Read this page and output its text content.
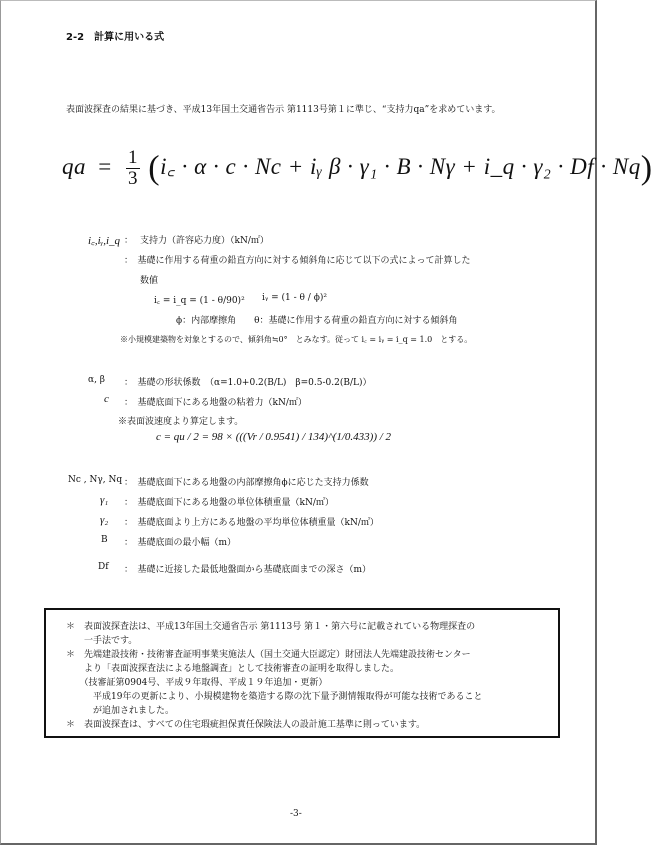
2-2　計算に用いる式
表面波探査の結果に基づき、平成13年国土交通省告示 第1113号第１に準じ、“支持力qa”を求めています。
qa = $\frac{1}{3}$ (i꜀ · α · c · Nc + iᵧ β · γ₁ · B · Nγ + i_q · γ₂ · Df · Nq)
i꜀,iᵧ,i_q ： 支持力（許容応力度）（kN/㎡）
：　基礎に作用する荷重の鉛直方向に対する傾斜角に応じて以下の式によって計算した
数値
i꜀ = i_q = (1 - θ/90)² iᵧ = (1 - θ / ϕ)²
ϕ：内部摩擦角　　θ：基礎に作用する荷重の鉛直方向に対する傾斜角
※小規模建築物を対象とするので、傾斜角≒0°　とみなす。従って i꜀ = iᵧ = i_q = 1.0　とする。
α, β ：　基礎の形状係数　（α=1.0+0.2(B/L)　β=0.5-0.2(B/L)）
c ：　基礎底面下にある地盤の粘着力（kN/㎡）
※表面波速度より算定します。
c = qu / 2 = 98 × (((Vr / 0.9541) / 134)^(1/0.433)) / 2
Nc , Nγ, Nq ：　基礎底面下にある地盤の内部摩擦角ϕに応じた支持力係数
γ₁ ：　基礎底面下にある地盤の単位体積重量（kN/㎥）
γ₂ ：　基礎底面より上方にある地盤の平均単位体積重量（kN/㎥）
B ：　基礎底面の最小幅（m）
Df ：　基礎に近接した最低地盤面から基礎底面までの深さ（m）
＊　表面波探査法は、平成13年国土交通省告示 第1113号 第１・第六号に記載されている物理探査の
　　一手法です。
＊　先端建設技術・技術審査証明事業実施法人（国土交通大臣認定）財団法人先端建設技術センター
　　より「表面波探査法による地盤調査」として技術審査の証明を取得しました。
　　（技審証第0904号、平成９年取得、平成１９年追加・更新）
　　　平成19年の更新により、小規模建物を築造する際の沈下量予測情報取得が可能な技術であること
　　　が追加されました。
＊　表面波探査は、すべての住宅瑕疵担保責任保険法人の設計施工基準に則っています。
-3-
